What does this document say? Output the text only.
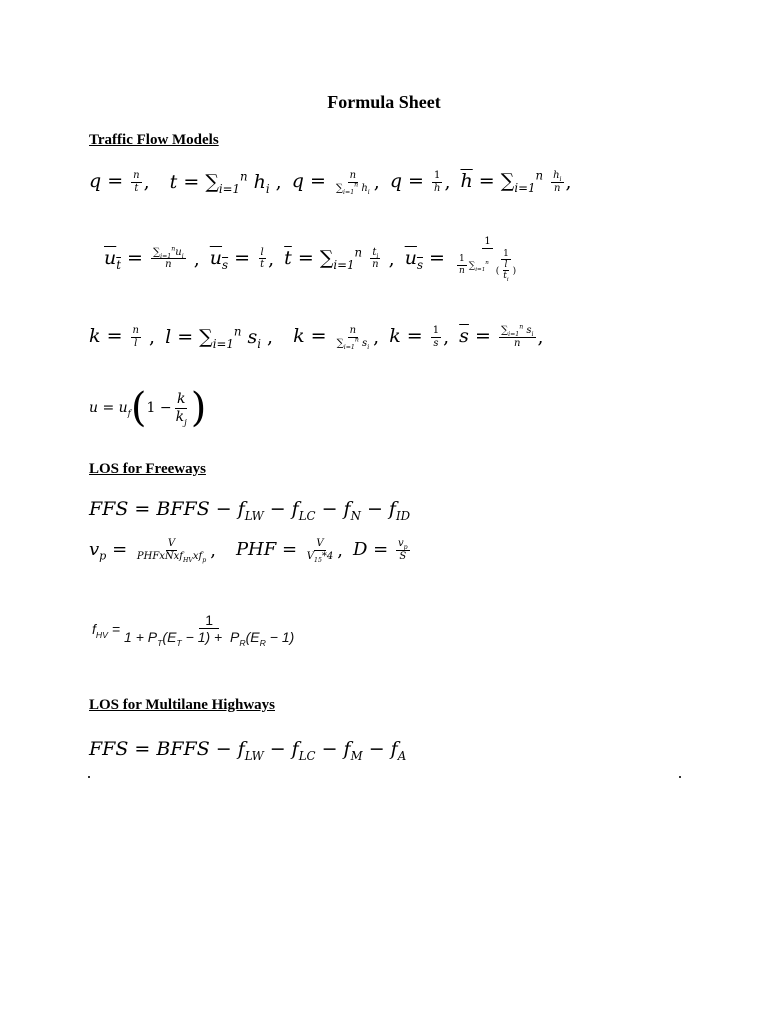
Formula Sheet
Traffic Flow Models
$q = \frac{n}{t}$ , $t = \sum_{i=1}^n$ $h_i$ , $q = \frac{n}{\sum_{i=1}^n h_i}$ , $q = \frac{1}{h}$ , $\overline{h} = \sum_{i=1}^n \frac{h_i}{n}$ ,
$u_t = \frac{\sum_{i=1}^nu_i}{n}$ , $u_s = \frac{l}{t}$ , $\overline{t} = \sum_{i=1}^n \frac{t_i}{n}$ , $u_s = \frac{1}{\frac{1}{n} \sum_{i=1}^n \frac{1}{( \frac{l}{t_i} )}}$
$k = \frac{n}{l}$ , $l = \sum_{i=1}^n$ $s_i$ , $k = \frac{n}{\sum_{i=1}^n s_i}$ , $k = \frac{1}{s}$ , $\overline{s} = \frac{\sum_{i=1}^n s_i}{n}$ ,
$u = u_f$ ( $1 - \frac{k}{k_j}$ )
LOS for Freeways
FFS = BFFS − $f_{LW} - f_{LC} - f_N - f_{ID}$
$v_p = \frac{V}{PHFxNxf_{HV}xf_p}$ , PHF = $\frac{V}{V_{15}*4}$ , $D = \frac{v_p}{S}$
$f_{HV} = \frac{1}{1 + P_T(E_T - 1) + P_R(E_R - 1)}$
LOS for Multilane Highways
FFS = BFFS − $f_{LW} - f_{LC} - f_M - f_A$
